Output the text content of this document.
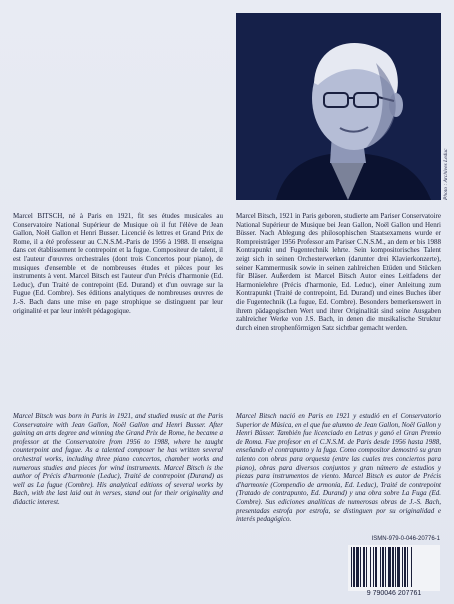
Photo : Archives Leduc

Marcel BITSCH, né à Paris en 1921, fit ses études musicales au Conservatoire National Supérieur de Musique où il fut l'élève de Jean Gallon, Noël Gallon et Henri Busser. Licencié ès lettres et Grand Prix de Rome, il a été professeur au C.N.S.M.-Paris de 1956 à 1988. Il enseigna dans cet établissement le contrepoint et la fugue. Compositeur de talent, il est l'auteur d'œuvres orchestrales (dont trois Concertos pour piano), de musiques d'ensemble et de nombreuses études et pièces pour les instruments à vent. Marcel Bitsch est l'auteur d'un Précis d'harmonie (Ed. Leduc), d'un Traité de contrepoint (Ed. Durand) et d'un ouvrage sur la Fugue (Ed. Combre). Ses éditions analytiques de nombreuses œuvres de J.-S. Bach dans une mise en page strophique se distinguent par leur originalité et par leur intérêt pédagogique.

Marcel Bitsch, 1921 in Paris geboren, studierte am Pariser Conservatoire National Supérieur de Musique bei Jean Gallon, Noël Gallon und Henri Büsser. Nach Ablegung des philosophischen Staatsexamens wurde er Rompreisträger 1956 Professor am Pariser C.N.S.M., an dem er bis 1988 Kontrapunkt und Fugentechnik lehrte. Sein kompositorisches Talent zeigt sich in seinen Orchesterwerken (darunter drei Klavierkonzerte), seiner Kammermusik sowie in seinen zahlreichen Etüden und Stücken für Bläser. Außerdem ist Marcel Bitsch Autor eines Leitfadens der Harmonielehre (Précis d'harmonie, Ed. Leduc), einer Anleitung zum Kontrapunkt (Traité de contrepoint, Ed. Durand) und eines Buches über die Fugentechnik (La fugue, Ed. Combre). Besonders bemerkenswert in ihrem pädagogischen Wert und ihrer Originalität sind seine Ausgaben zahlreicher Werke von J.S. Bach, in denen die musikalische Struktur durch einen strophenförmigen Satz sichtbar gemacht werden.

Marcel Bitsch was born in Paris in 1921, and studied music at the Paris Conservatoire with Jean Gallon, Noël Gallon and Henri Busser. After gaining an arts degree and winning the Grand Prix de Rome, he became a professor at the Conservatoire from 1956 to 1988, where he taught counterpoint and fugue. As a talented composer he has written several orchestral works, including three piano concertos, chamber works and numerous studies and pieces for wind instruments. Marcel Bitsch is the author of Précis d'harmonie (Leduc), Traité de contrepoint (Durand) as well as La fugue (Combre). His analytical editions of several works by Bach, with the last laid out in verses, stand out for their originality and didactic interest.

Marcel Bitsch nació en Paris en 1921 y estudió en el Conservatorio Superior de Música, en el que fue alumno de Jean Gallon, Noël Gallon y Henri Büsser. También fue licenciado en Letras y ganó el Gran Premio de Roma. Fue profesor en el C.N.S.M. de Paris desde 1956 hasta 1988, enseñando el contrapunto y la fuga. Como compositor demostró su gran talento con obras para orquesta (entre las cuales tres conciertos para piano), obras para diversos conjuntos y gran número de estudios y piezas para instrumentos de viento. Marcel Bitsch es autor de Précis d'harmonie (Compendio de armonía, Ed. Leduc), Traité de contrepoint (Tratado de contrapunto, Ed. Durand) y una obra sobre La Fuga (Ed. Combre). Sus ediciones analíticas de numerosas obras de J.-S. Bach, presentadas estrofa por estrofa, se distinguen por su originalidad e interés pedagógico.

ISMN-979-0-046-20776-1
9 790046 207761
